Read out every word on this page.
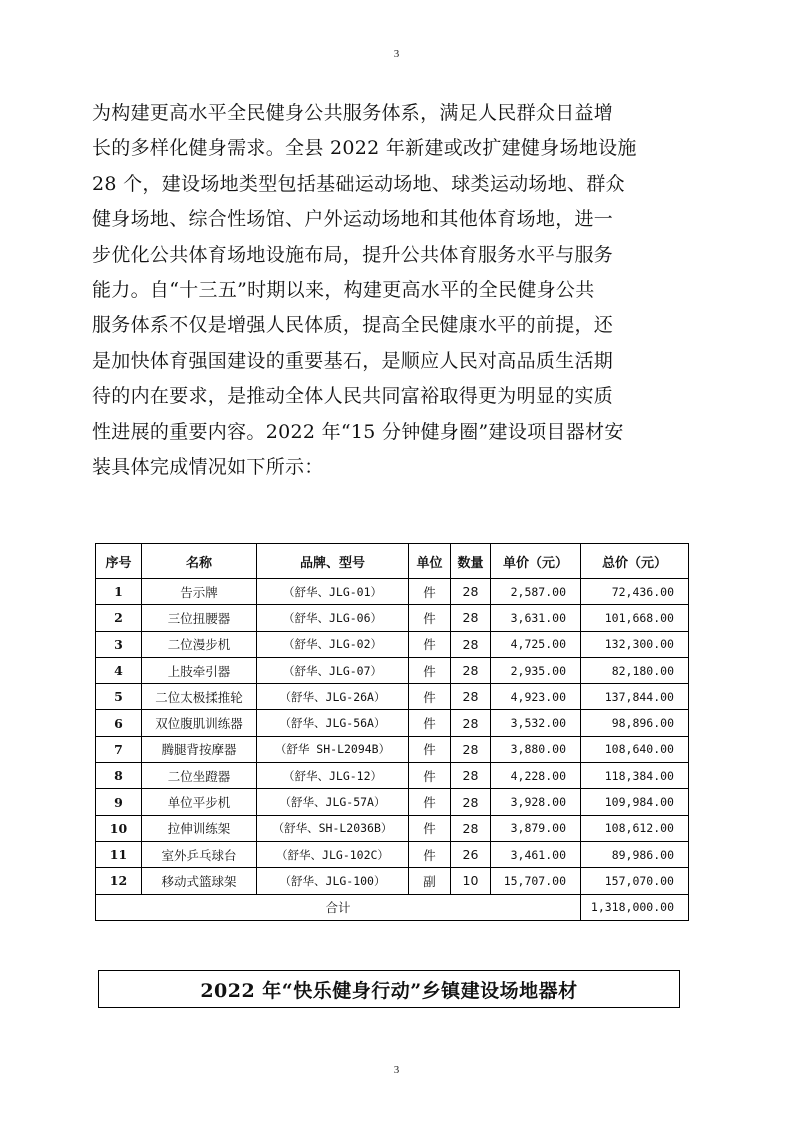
3
为构建更高水平全民健身公共服务体系，满足人民群众日益增
长的多样化健身需求。全县 2022 年新建或改扩建健身场地设施
28 个，建设场地类型包括基础运动场地、球类运动场地、群众
健身场地、综合性场馆、户外运动场地和其他体育场地，进一
步优化公共体育场地设施布局，提升公共体育服务水平与服务
能力。自“十三五”时期以来，构建更高水平的全民健身公共
服务体系不仅是增强人民体质，提高全民健康水平的前提，还
是加快体育强国建设的重要基石，是顺应人民对高品质生活期
待的内在要求，是推动全体人民共同富裕取得更为明显的实质
性进展的重要内容。2022 年“15 分钟健身圈”建设项目器材安
装具体完成情况如下所示：
序号	名称	品牌、型号	单位	数量	单价（元）	总价（元）
1	告示牌	（舒华、JLG-01）	件	28	2,587.00	72,436.00
2	三位扭腰器	（舒华、JLG-06）	件	28	3,631.00	101,668.00
3	二位漫步机	（舒华、JLG-02）	件	28	4,725.00	132,300.00
4	上肢牵引器	（舒华、JLG-07）	件	28	2,935.00	82,180.00
5	二位太极揉推轮	（舒华、JLG-26A）	件	28	4,923.00	137,844.00
6	双位腹肌训练器	（舒华、JLG-56A）	件	28	3,532.00	98,896.00
7	腾腿背按摩器	（舒华 SH-L2094B）	件	28	3,880.00	108,640.00
8	二位坐蹬器	（舒华、JLG-12）	件	28	4,228.00	118,384.00
9	单位平步机	（舒华、JLG-57A）	件	28	3,928.00	109,984.00
10	拉伸训练架	（舒华、SH-L2036B）	件	28	3,879.00	108,612.00
11	室外乒乓球台	（舒华、JLG-102C）	件	26	3,461.00	89,986.00
12	移动式篮球架	（舒华、JLG-100）	副	10	15,707.00	157,070.00
合计						1,318,000.00
2022 年“快乐健身行动”乡镇建设场地器材
3
